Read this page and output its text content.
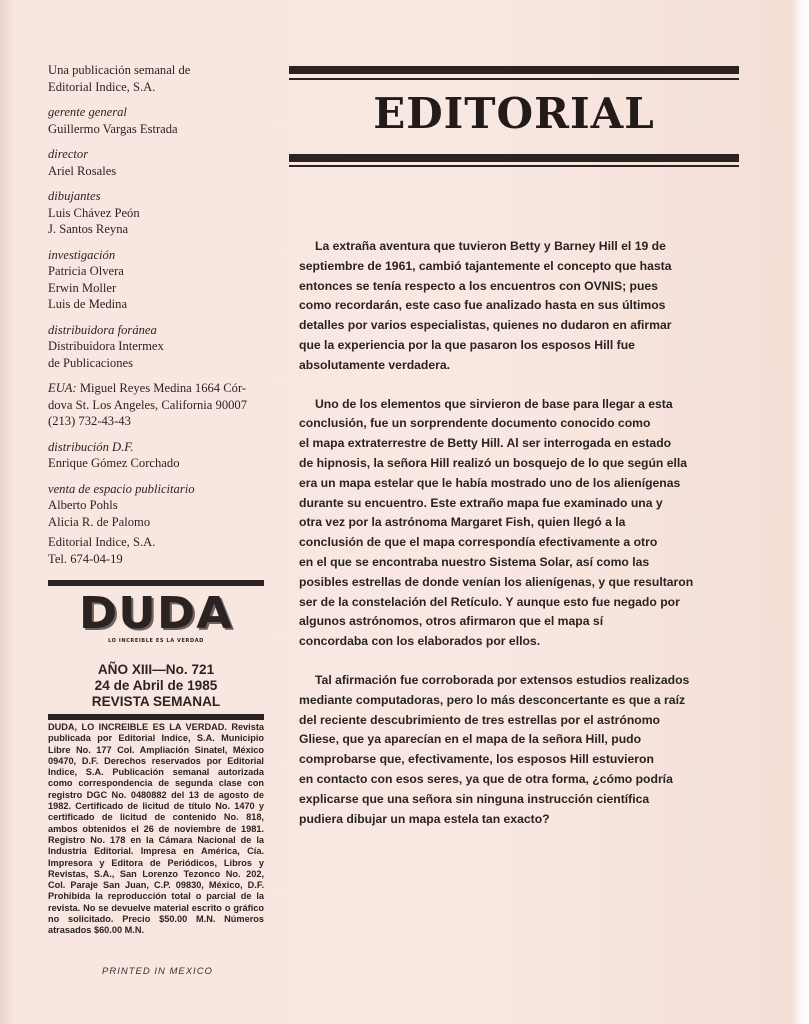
Una publicación semanal de
Editorial Indice, S.A.
gerente general
Guillermo Vargas Estrada
director
Ariel Rosales
dibujantes
Luis Chávez Peón
J. Santos Reyna
investigación
Patricia Olvera
Erwin Moller
Luis de Medina
distribuidora foránea
Distribuidora Intermex
de Publicaciones
EUA: Miguel Reyes Medina 1664 Cór-
dova St. Los Angeles, California 90007
(213) 732-43-43
distribución D.F.
Enrique Gómez Corchado
venta de espacio publicitario
Alberto Pohls
Alicia R. de Palomo
Editorial Indice, S.A.
Tel. 674-04-19
DUDA
LO INCREIBLE ES LA VERDAD
AÑO XIII—No. 721
24 de Abril de 1985
REVISTA SEMANAL
DUDA, LO INCREIBLE ES LA VERDAD. Revista publicada por Editorial Indice, S.A. Municipio Libre No. 177 Col. Ampliación Sinatel, México 09470, D.F. Derechos reservados por Editorial Indice, S.A. Publicación semanal autorizada como correspondencia de segunda clase con registro DGC No. 0480882 del 13 de agosto de 1982. Certificado de licitud de título No. 1470 y certificado de licitud de contenido No. 818, ambos obtenidos el 26 de noviembre de 1981. Registro No. 178 en la Cámara Nacional de la Industria Editorial. Impresa en América, Cía. Impresora y Editora de Periódicos, Libros y Revistas, S.A., San Lorenzo Tezonco No. 202, Col. Paraje San Juan, C.P. 09830, México, D.F. Prohibida la reproducción total o parcial de la revista. No se devuelve material escrito o gráfico no solicitado. Precio $50.00 M.N. Números atrasados $60.00 M.N.
PRINTED IN MEXICO
EDITORIAL

La extraña aventura que tuvieron Betty y Barney Hill el 19 de
septiembre de 1961, cambió tajantemente el concepto que hasta
entonces se tenía respecto a los encuentros con OVNIS; pues
como recordarán, este caso fue analizado hasta en sus últimos
detalles por varios especialistas, quienes no dudaron en afirmar
que la experiencia por la que pasaron los esposos Hill fue
absolutamente verdadera.

Uno de los elementos que sirvieron de base para llegar a esta
conclusión, fue un sorprendente documento conocido como
el mapa extraterrestre de Betty Hill. Al ser interrogada en estado
de hipnosis, la señora Hill realizó un bosquejo de lo que según ella
era un mapa estelar que le había mostrado uno de los alienígenas
durante su encuentro. Este extraño mapa fue examinado una y
otra vez por la astrónoma Margaret Fish, quien llegó a la
conclusión de que el mapa correspondía efectivamente a otro
en el que se encontraba nuestro Sistema Solar, así como las
posibles estrellas de donde venían los alienígenas, y que resultaron
ser de la constelación del Retículo. Y aunque esto fue negado por
algunos astrónomos, otros afirmaron que el mapa sí
concordaba con los elaborados por ellos.

Tal afirmación fue corroborada por extensos estudios realizados
mediante computadoras, pero lo más desconcertante es que a raíz
del reciente descubrimiento de tres estrellas por el astrónomo
Gliese, que ya aparecían en el mapa de la señora Hill, pudo
comprobarse que, efectivamente, los esposos Hill estuvieron
en contacto con esos seres, ya que de otra forma, ¿cómo podría
explicarse que una señora sin ninguna instrucción científica
pudiera dibujar un mapa estela tan exacto?
